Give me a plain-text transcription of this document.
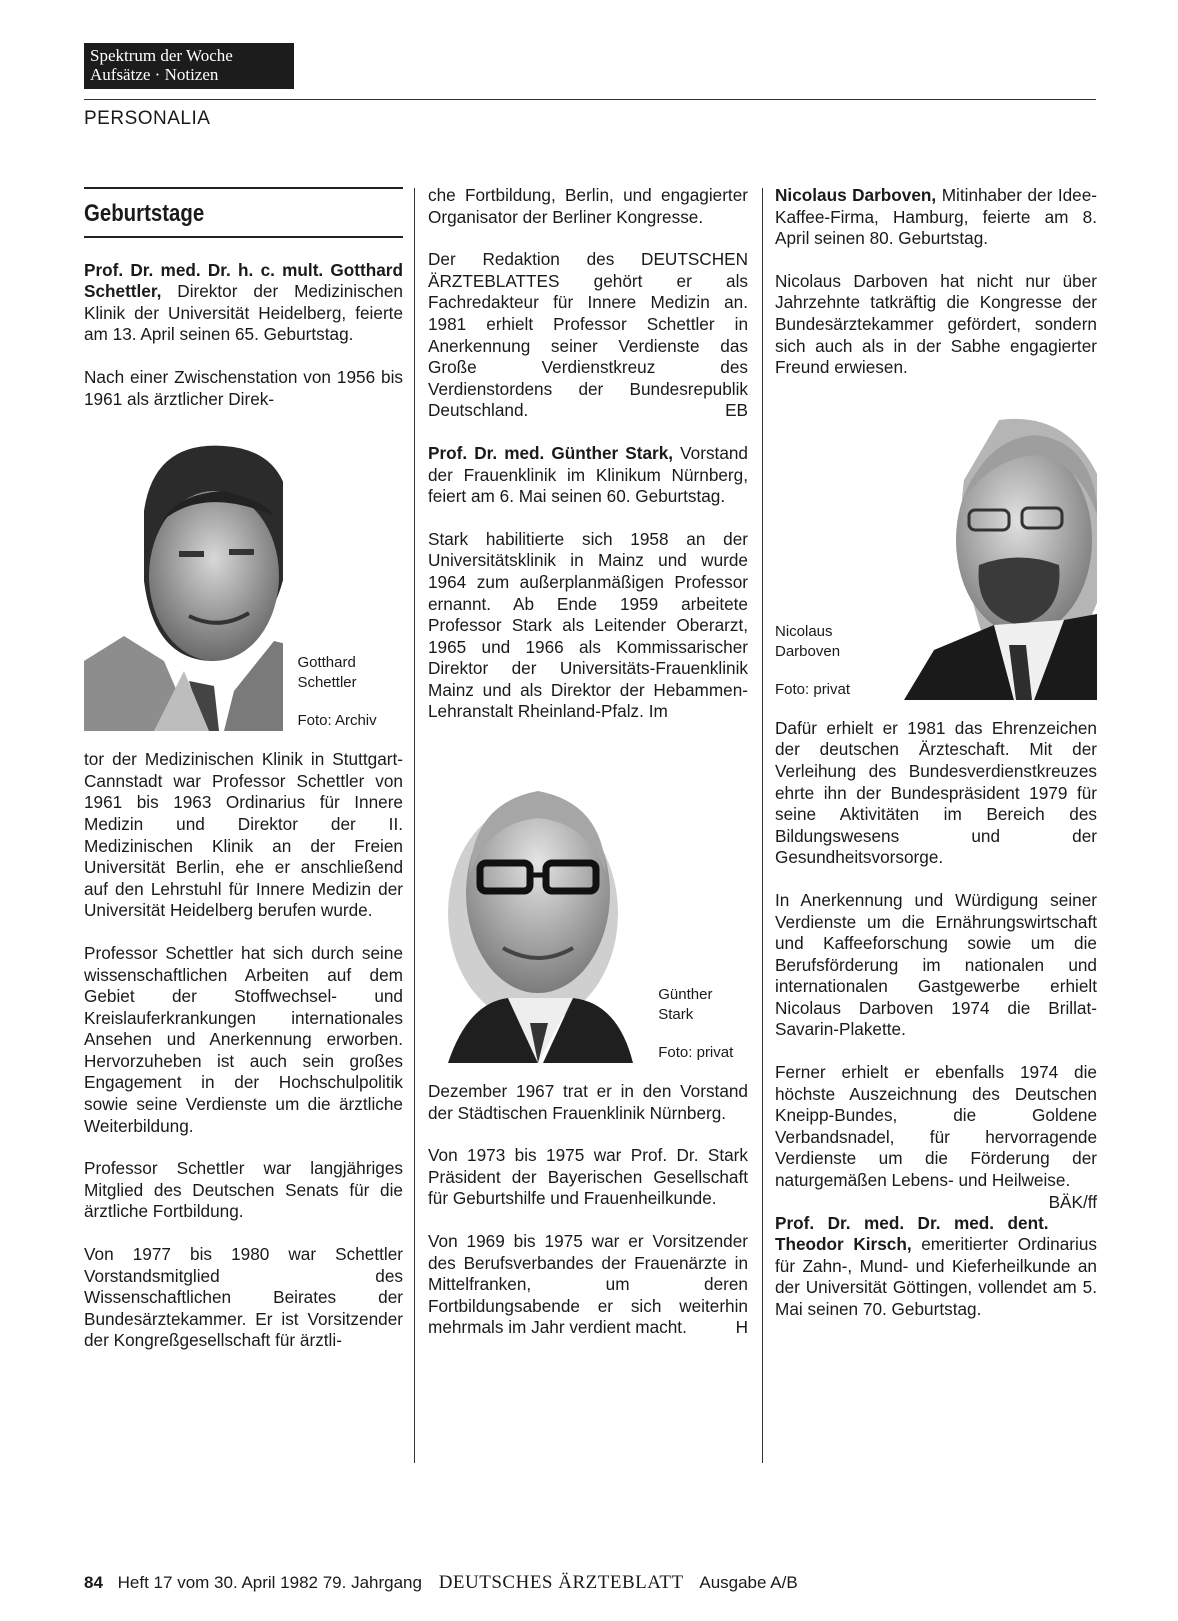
Spektrum der Woche
Aufsätze · Notizen
PERSONALIA
Geburtstage

Prof. Dr. med. Dr. h. c. mult. Gotthard Schettler, Direktor der Medizinischen Klinik der Universität Heidelberg, feierte am 13. April seinen 65. Geburtstag.

Nach einer Zwischenstation von 1956 bis 1961 als ärztlicher Direk-

Gotthard Schettler
Foto: Archiv

tor der Medizinischen Klinik in Stuttgart-Cannstadt war Professor Schettler von 1961 bis 1963 Ordinarius für Innere Medizin und Direktor der II. Medizinischen Klinik an der Freien Universität Berlin, ehe er anschließend auf den Lehrstuhl für Innere Medizin der Universität Heidelberg berufen wurde.

Professor Schettler hat sich durch seine wissenschaftlichen Arbeiten auf dem Gebiet der Stoffwechsel- und Kreislauferkrankungen internationales Ansehen und Anerkennung erworben. Hervorzuheben ist auch sein großes Engagement in der Hochschulpolitik sowie seine Verdienste um die ärztliche Weiterbildung.

Professor Schettler war langjähriges Mitglied des Deutschen Senats für die ärztliche Fortbildung.

Von 1977 bis 1980 war Schettler Vorstandsmitglied des Wissenschaftlichen Beirates der Bundesärztekammer. Er ist Vorsitzender der Kongreßgesellschaft für ärztli-

che Fortbildung, Berlin, und engagierter Organisator der Berliner Kongresse.

Der Redaktion des DEUTSCHEN ÄRZTEBLATTES gehört er als Fachredakteur für Innere Medizin an. 1981 erhielt Professor Schettler in Anerkennung seiner Verdienste das Große Verdienstkreuz des Verdienstordens der Bundesrepublik Deutschland.	EB

Prof. Dr. med. Günther Stark, Vorstand der Frauenklinik im Klinikum Nürnberg, feiert am 6. Mai seinen 60. Geburtstag.

Stark habilitierte sich 1958 an der Universitätsklinik in Mainz und wurde 1964 zum außerplanmäßigen Professor ernannt. Ab Ende 1959 arbeitete Professor Stark als Leitender Oberarzt, 1965 und 1966 als Kommissarischer Direktor der Universitäts-Frauenklinik Mainz und als Direktor der Hebammen-Lehranstalt Rheinland-Pfalz. Im

Günther Stark
Foto: privat

Dezember 1967 trat er in den Vorstand der Städtischen Frauenklinik Nürnberg.

Von 1973 bis 1975 war Prof. Dr. Stark Präsident der Bayerischen Gesellschaft für Geburtshilfe und Frauenheilkunde.

Von 1969 bis 1975 war er Vorsitzender des Berufsverbandes der Frauenärzte in Mittelfranken, um deren Fortbildungsabende er sich weiterhin mehrmals im Jahr verdient macht.	H

Nicolaus Darboven, Mitinhaber der Idee-Kaffee-Firma, Hamburg, feierte am 8. April seinen 80. Geburtstag.

Nicolaus Darboven hat nicht nur über Jahrzehnte tatkräftig die Kongresse der Bundesärztekammer gefördert, sondern sich auch als in der Sabhe engagierter Freund erwiesen.

Nicolaus Darboven
Foto: privat

Dafür erhielt er 1981 das Ehrenzeichen der deutschen Ärzteschaft. Mit der Verleihung des Bundesverdienstkreuzes ehrte ihn der Bundespräsident 1979 für seine Aktivitäten im Bereich des Bildungswesens und der Gesundheitsvorsorge.

In Anerkennung und Würdigung seiner Verdienste um die Ernährungswirtschaft und Kaffeeforschung sowie um die Berufsförderung im nationalen und internationalen Gastgewerbe erhielt Nicolaus Darboven 1974 die Brillat-Savarin-Plakette.

Ferner erhielt er ebenfalls 1974 die höchste Auszeichnung des Deutschen Kneipp-Bundes, die Goldene Verbandsnadel, für hervorragende Verdienste um die Förderung der naturgemäßen Lebens- und Heilweise.
BÄK/ff

Prof. Dr. med. Dr. med. dent. Theodor Kirsch, emeritierter Ordinarius für Zahn-, Mund- und Kieferheilkunde an der Universität Göttingen, vollendet am 5. Mai seinen 70. Geburtstag.

84 Heft 17 vom 30. April 1982 79. Jahrgang DEUTSCHES ÄRZTEBLATT Ausgabe A/B
